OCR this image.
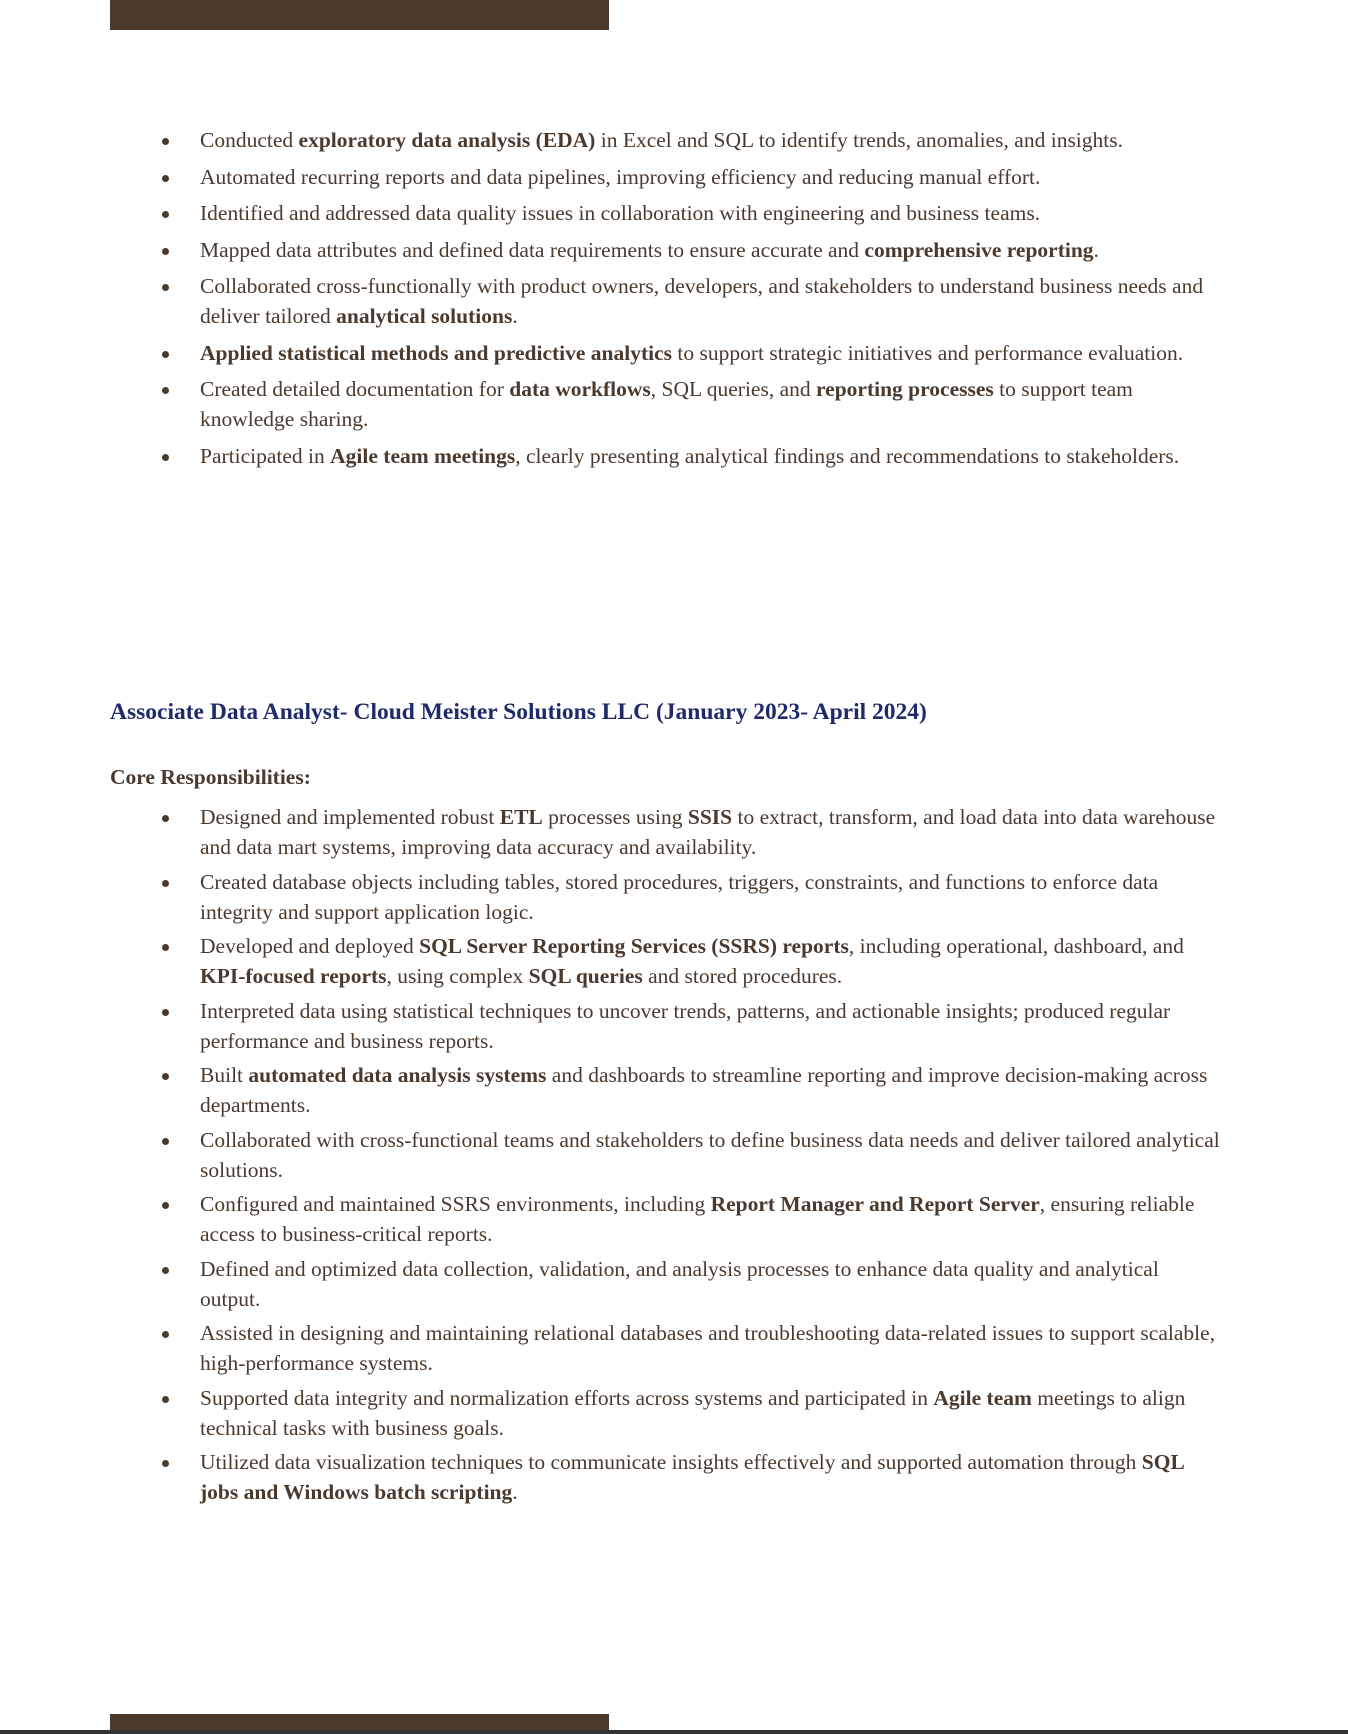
Conducted exploratory data analysis (EDA) in Excel and SQL to identify trends, anomalies, and insights.
Automated recurring reports and data pipelines, improving efficiency and reducing manual effort.
Identified and addressed data quality issues in collaboration with engineering and business teams.
Mapped data attributes and defined data requirements to ensure accurate and comprehensive reporting.
Collaborated cross-functionally with product owners, developers, and stakeholders to understand business needs and deliver tailored analytical solutions.
Applied statistical methods and predictive analytics to support strategic initiatives and performance evaluation.
Created detailed documentation for data workflows, SQL queries, and reporting processes to support team knowledge sharing.
Participated in Agile team meetings, clearly presenting analytical findings and recommendations to stakeholders.
Associate Data Analyst- Cloud Meister Solutions LLC (January 2023- April 2024)
Core Responsibilities:
Designed and implemented robust ETL processes using SSIS to extract, transform, and load data into data warehouse and data mart systems, improving data accuracy and availability.
Created database objects including tables, stored procedures, triggers, constraints, and functions to enforce data integrity and support application logic.
Developed and deployed SQL Server Reporting Services (SSRS) reports, including operational, dashboard, and KPI-focused reports, using complex SQL queries and stored procedures.
Interpreted data using statistical techniques to uncover trends, patterns, and actionable insights; produced regular performance and business reports.
Built automated data analysis systems and dashboards to streamline reporting and improve decision-making across departments.
Collaborated with cross-functional teams and stakeholders to define business data needs and deliver tailored analytical solutions.
Configured and maintained SSRS environments, including Report Manager and Report Server, ensuring reliable access to business-critical reports.
Defined and optimized data collection, validation, and analysis processes to enhance data quality and analytical output.
Assisted in designing and maintaining relational databases and troubleshooting data-related issues to support scalable, high-performance systems.
Supported data integrity and normalization efforts across systems and participated in Agile team meetings to align technical tasks with business goals.
Utilized data visualization techniques to communicate insights effectively and supported automation through SQL jobs and Windows batch scripting.
